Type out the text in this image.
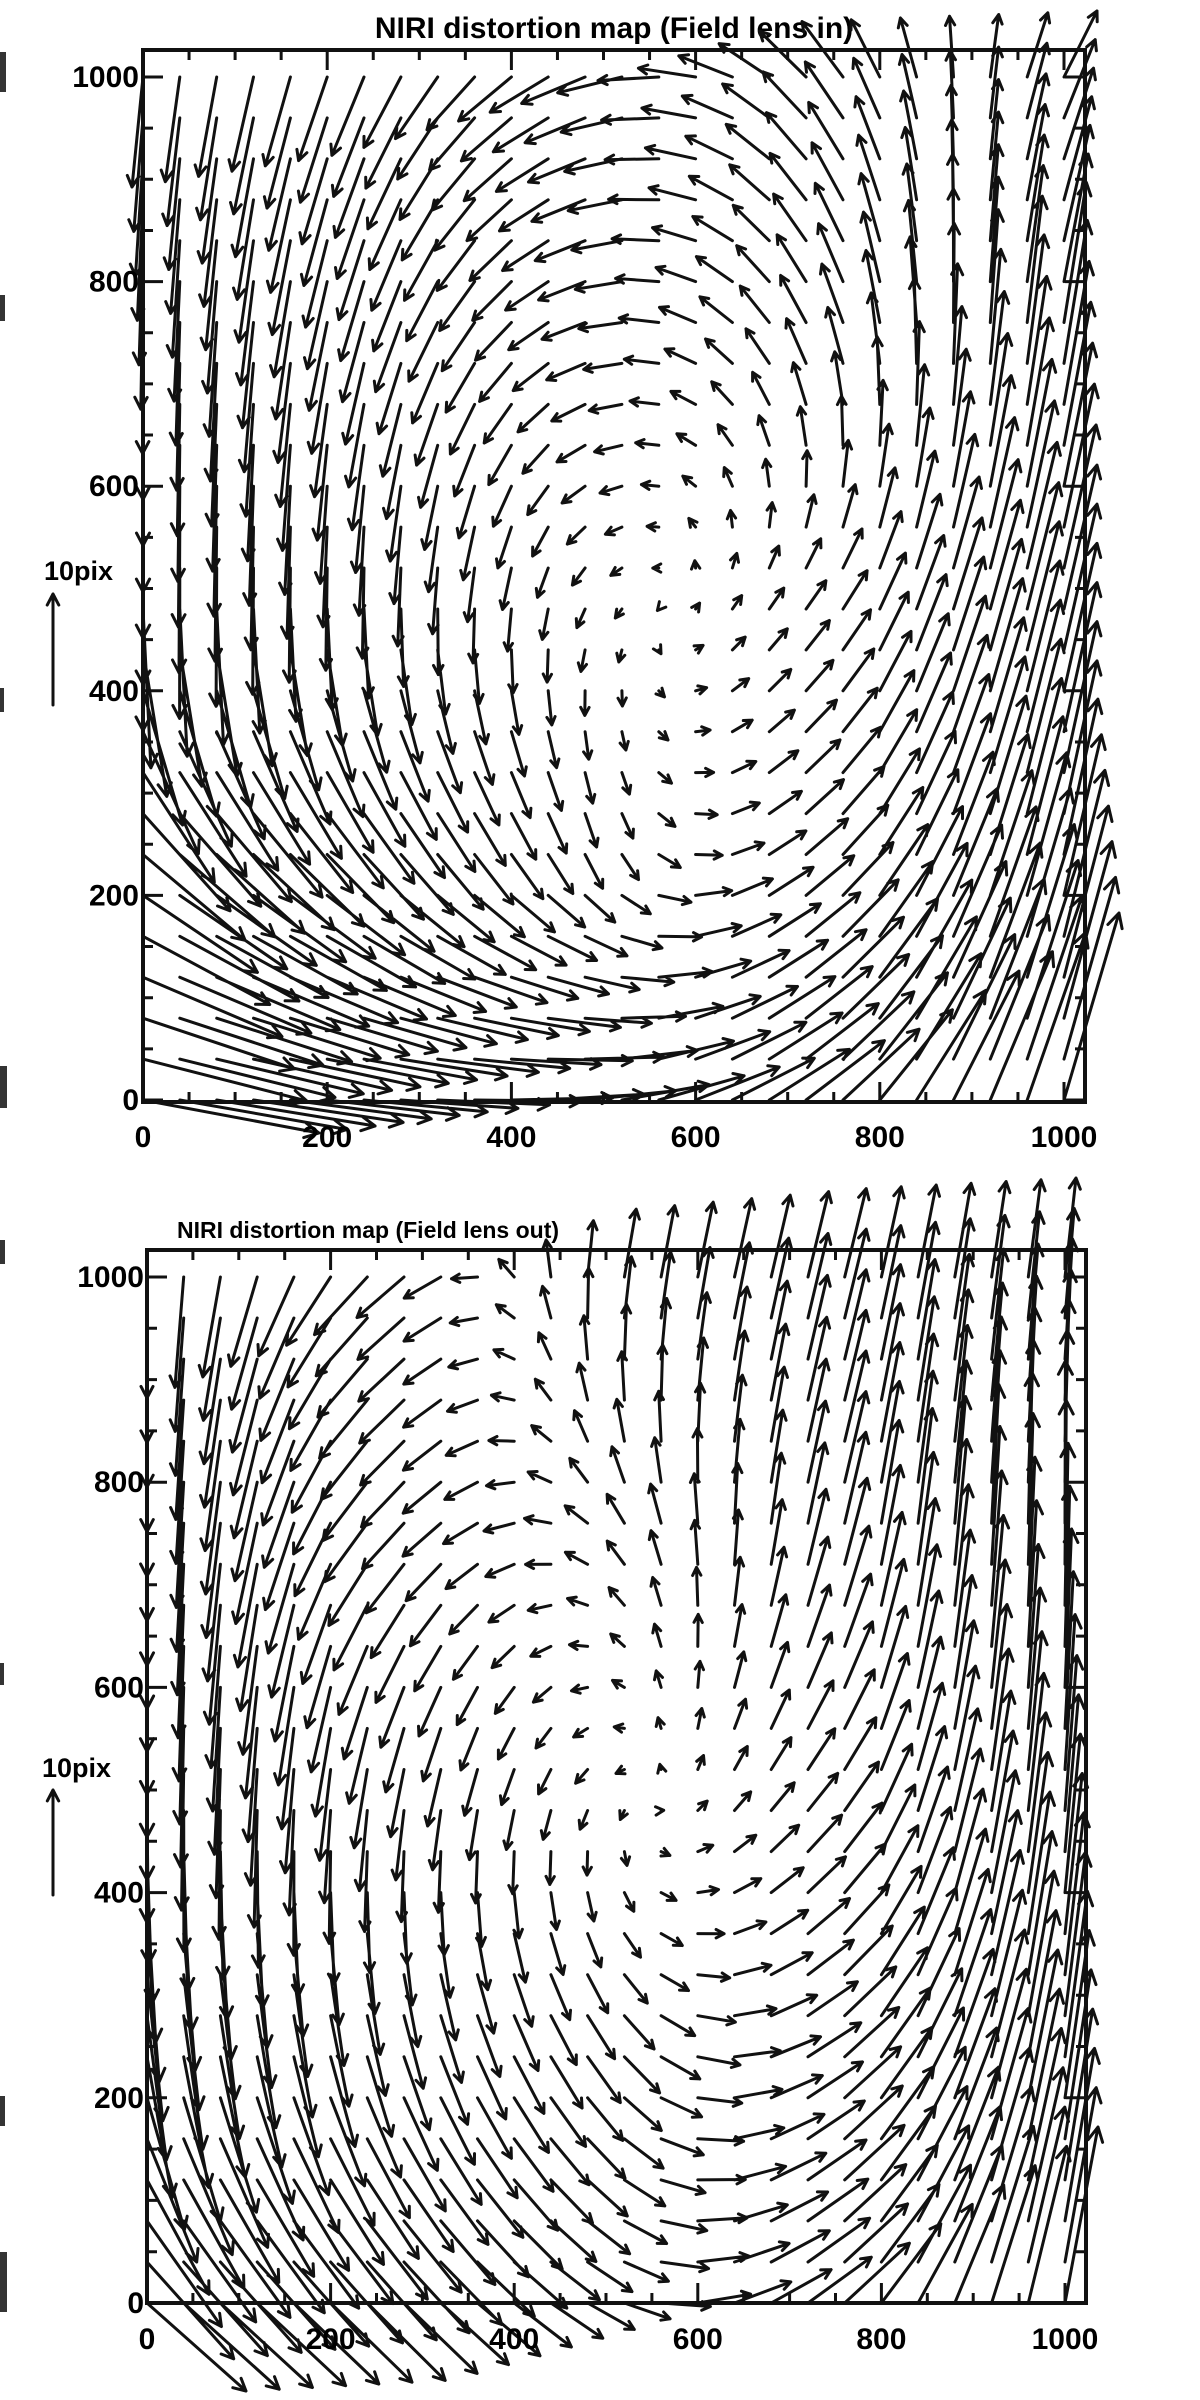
NIRI distortion map (Field lens in)
0	200	400	600	800	1000
0
200
400
600
800
1000
10pix
NIRI distortion map (Field lens out)
0	200	400	600	800	1000
0
200
400
600
800
1000
10pix
